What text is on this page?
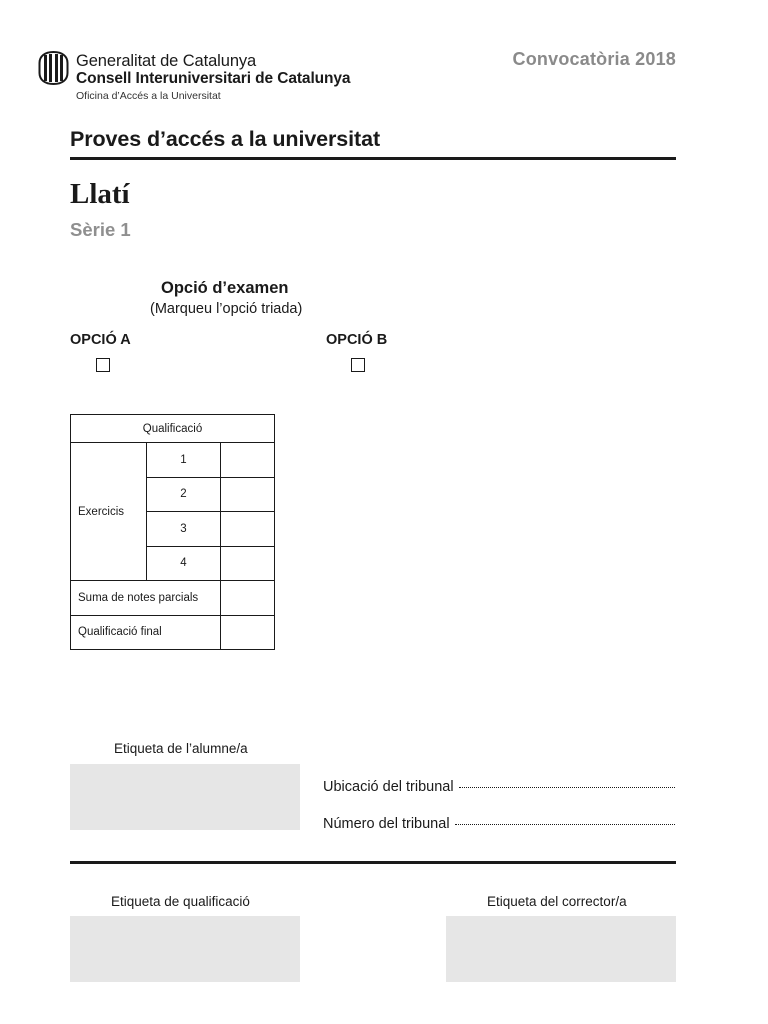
Generalitat de Catalunya
Consell Interuniversitari de Catalunya
Oficina d’Accés a la Universitat
Convocatòria 2018
Proves d’accés a la universitat
Llatí
Sèrie 1
Opció d’examen
(Marqueu l’opció triada)
OPCIÓ A	OPCIÓ B
Qualificació		
Exercicis	1	
	2	
	3	
	4	
Suma de notes parcials		
Qualificació final		
Etiqueta de l’alumne/a
Ubicació del tribunal
Número del tribunal
Etiqueta de qualificació	Etiqueta del corrector/a
